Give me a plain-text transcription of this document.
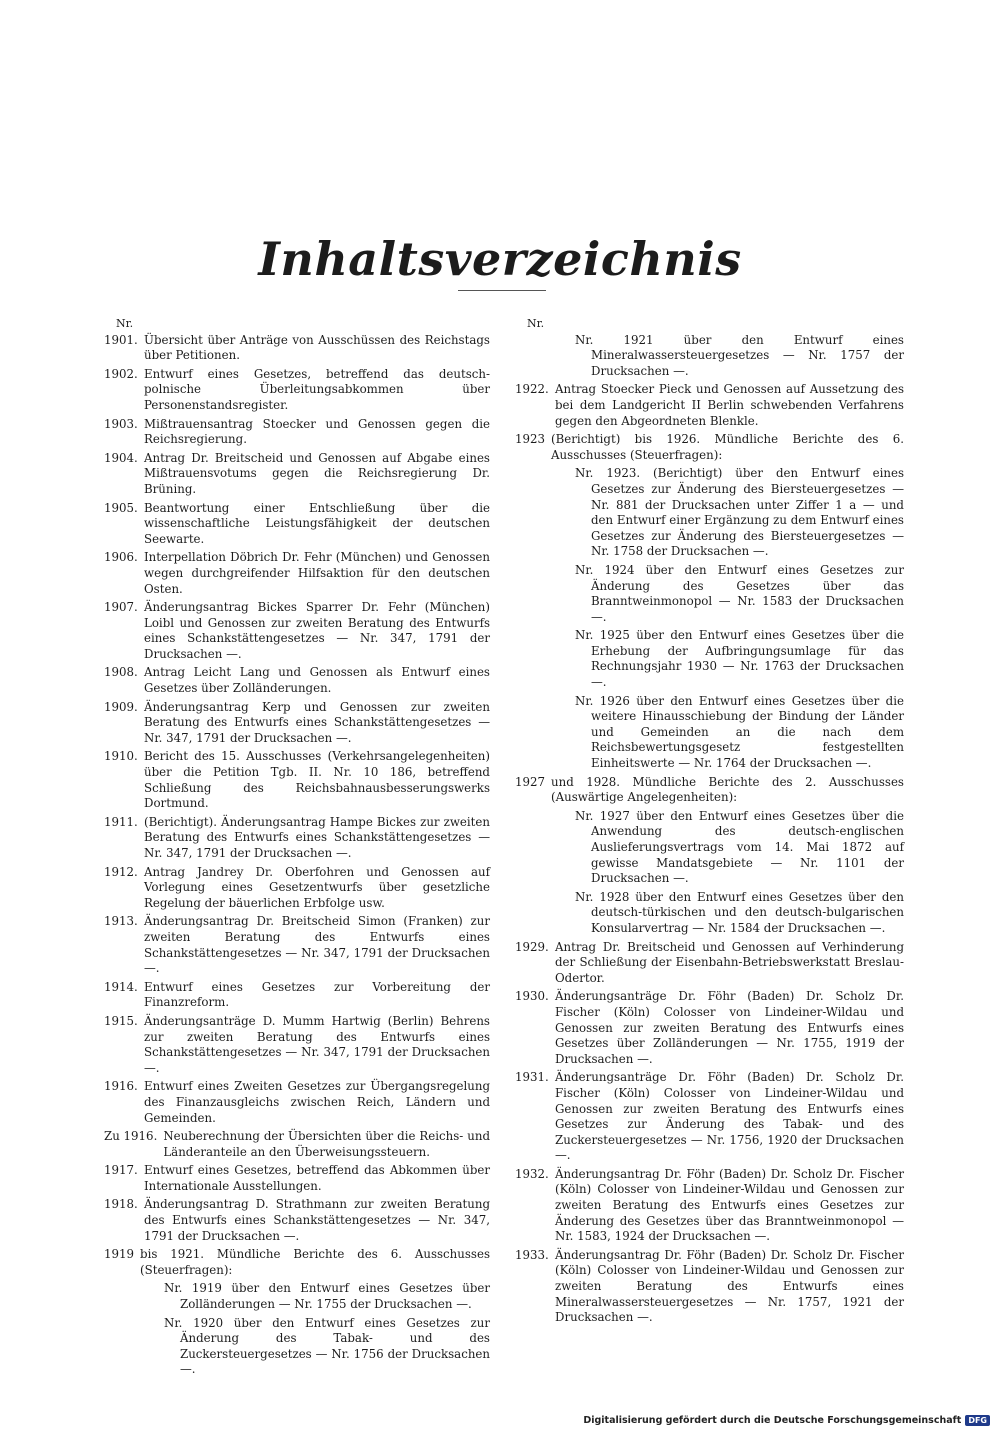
Inhaltsverzeichnis
Nr.
1901. Übersicht über Anträge von Ausschüssen des Reichstags über Petitionen.
1902. Entwurf eines Gesetzes, betreffend das deutsch-polnische Überleitungsabkommen über Personenstandsregister.
1903. Mißtrauensantrag Stoecker und Genossen gegen die Reichsregierung.
1904. Antrag Dr. Breitscheid und Genossen auf Abgabe eines Mißtrauensvotums gegen die Reichsregierung Dr. Brüning.
1905. Beantwortung einer Entschließung über die wissenschaftliche Leistungsfähigkeit der deutschen Seewarte.
1906. Interpellation Döbrich Dr. Fehr (München) und Genossen wegen durchgreifender Hilfsaktion für den deutschen Osten.
1907. Änderungsantrag Bickes Sparrer Dr. Fehr (München) Loibl und Genossen zur zweiten Beratung des Entwurfs eines Schankstättengesetzes — Nr. 347, 1791 der Drucksachen —.
1908. Antrag Leicht Lang und Genossen als Entwurf eines Gesetzes über Zolländerungen.
1909. Änderungsantrag Kerp und Genossen zur zweiten Beratung des Entwurfs eines Schankstättengesetzes — Nr. 347, 1791 der Drucksachen —.
1910. Bericht des 15. Ausschusses (Verkehrsangelegenheiten) über die Petition Tgb. II. Nr. 10 186, betreffend Schließung des Reichsbahnausbesserungswerks Dortmund.
1911. (Berichtigt). Änderungsantrag Hampe Bickes zur zweiten Beratung des Entwurfs eines Schankstättengesetzes — Nr. 347, 1791 der Drucksachen —.
1912. Antrag Jandrey Dr. Oberfohren und Genossen auf Vorlegung eines Gesetzentwurfs über gesetzliche Regelung der bäuerlichen Erbfolge usw.
1913. Änderungsantrag Dr. Breitscheid Simon (Franken) zur zweiten Beratung des Entwurfs eines Schankstättengesetzes — Nr. 347, 1791 der Drucksachen —.
1914. Entwurf eines Gesetzes zur Vorbereitung der Finanzreform.
1915. Änderungsanträge D. Mumm Hartwig (Berlin) Behrens zur zweiten Beratung des Entwurfs eines Schankstättengesetzes — Nr. 347, 1791 der Drucksachen —.
1916. Entwurf eines Zweiten Gesetzes zur Übergangsregelung des Finanzausgleichs zwischen Reich, Ländern und Gemeinden.
Zu 1916. Neuberechnung der Übersichten über die Reichs- und Länderanteile an den Überweisungssteuern.
1917. Entwurf eines Gesetzes, betreffend das Abkommen über Internationale Ausstellungen.
1918. Änderungsantrag D. Strathmann zur zweiten Beratung des Entwurfs eines Schankstättengesetzes — Nr. 347, 1791 der Drucksachen —.
1919 bis 1921. Mündliche Berichte des 6. Ausschusses (Steuerfragen):
Nr. 1919 über den Entwurf eines Gesetzes über Zolländerungen — Nr. 1755 der Drucksachen —.
Nr. 1920 über den Entwurf eines Gesetzes zur Änderung des Tabak- und des Zuckersteuergesetzes — Nr. 1756 der Drucksachen —.
Nr.
Nr. 1921 über den Entwurf eines Mineralwassersteuergesetzes — Nr. 1757 der Drucksachen —.
1922. Antrag Stoecker Pieck und Genossen auf Aussetzung des bei dem Landgericht II Berlin schwebenden Verfahrens gegen den Abgeordneten Blenkle.
1923 (Berichtigt) bis 1926. Mündliche Berichte des 6. Ausschusses (Steuerfragen):
Nr. 1923. (Berichtigt) über den Entwurf eines Gesetzes zur Änderung des Biersteuergesetzes — Nr. 881 der Drucksachen unter Ziffer 1 a — und den Entwurf einer Ergänzung zu dem Entwurf eines Gesetzes zur Änderung des Biersteuergesetzes — Nr. 1758 der Drucksachen —.
Nr. 1924 über den Entwurf eines Gesetzes zur Änderung des Gesetzes über das Branntweinmonopol — Nr. 1583 der Drucksachen —.
Nr. 1925 über den Entwurf eines Gesetzes über die Erhebung der Aufbringungsumlage für das Rechnungsjahr 1930 — Nr. 1763 der Drucksachen —.
Nr. 1926 über den Entwurf eines Gesetzes über die weitere Hinausschiebung der Bindung der Länder und Gemeinden an die nach dem Reichsbewertungsgesetz festgestellten Einheitswerte — Nr. 1764 der Drucksachen —.
1927 und 1928. Mündliche Berichte des 2. Ausschusses (Auswärtige Angelegenheiten):
Nr. 1927 über den Entwurf eines Gesetzes über die Anwendung des deutsch-englischen Auslieferungsvertrags vom 14. Mai 1872 auf gewisse Mandatsgebiete — Nr. 1101 der Drucksachen —.
Nr. 1928 über den Entwurf eines Gesetzes über den deutsch-türkischen und den deutsch-bulgarischen Konsularvertrag — Nr. 1584 der Drucksachen —.
1929. Antrag Dr. Breitscheid und Genossen auf Verhinderung der Schließung der Eisenbahn-Betriebswerkstatt Breslau-Odertor.
1930. Änderungsanträge Dr. Föhr (Baden) Dr. Scholz Dr. Fischer (Köln) Colosser von Lindeiner-Wildau und Genossen zur zweiten Beratung des Entwurfs eines Gesetzes über Zolländerungen — Nr. 1755, 1919 der Drucksachen —.
1931. Änderungsanträge Dr. Föhr (Baden) Dr. Scholz Dr. Fischer (Köln) Colosser von Lindeiner-Wildau und Genossen zur zweiten Beratung des Entwurfs eines Gesetzes zur Änderung des Tabak- und des Zuckersteuergesetzes — Nr. 1756, 1920 der Drucksachen —.
1932. Änderungsantrag Dr. Föhr (Baden) Dr. Scholz Dr. Fischer (Köln) Colosser von Lindeiner-Wildau und Genossen zur zweiten Beratung des Entwurfs eines Gesetzes zur Änderung des Gesetzes über das Branntweinmonopol — Nr. 1583, 1924 der Drucksachen —.
1933. Änderungsantrag Dr. Föhr (Baden) Dr. Scholz Dr. Fischer (Köln) Colosser von Lindeiner-Wildau und Genossen zur zweiten Beratung des Entwurfs eines Mineralwassersteuergesetzes — Nr. 1757, 1921 der Drucksachen —.
Digitalisierung gefördert durch die Deutsche Forschungsgemeinschaft DFG
